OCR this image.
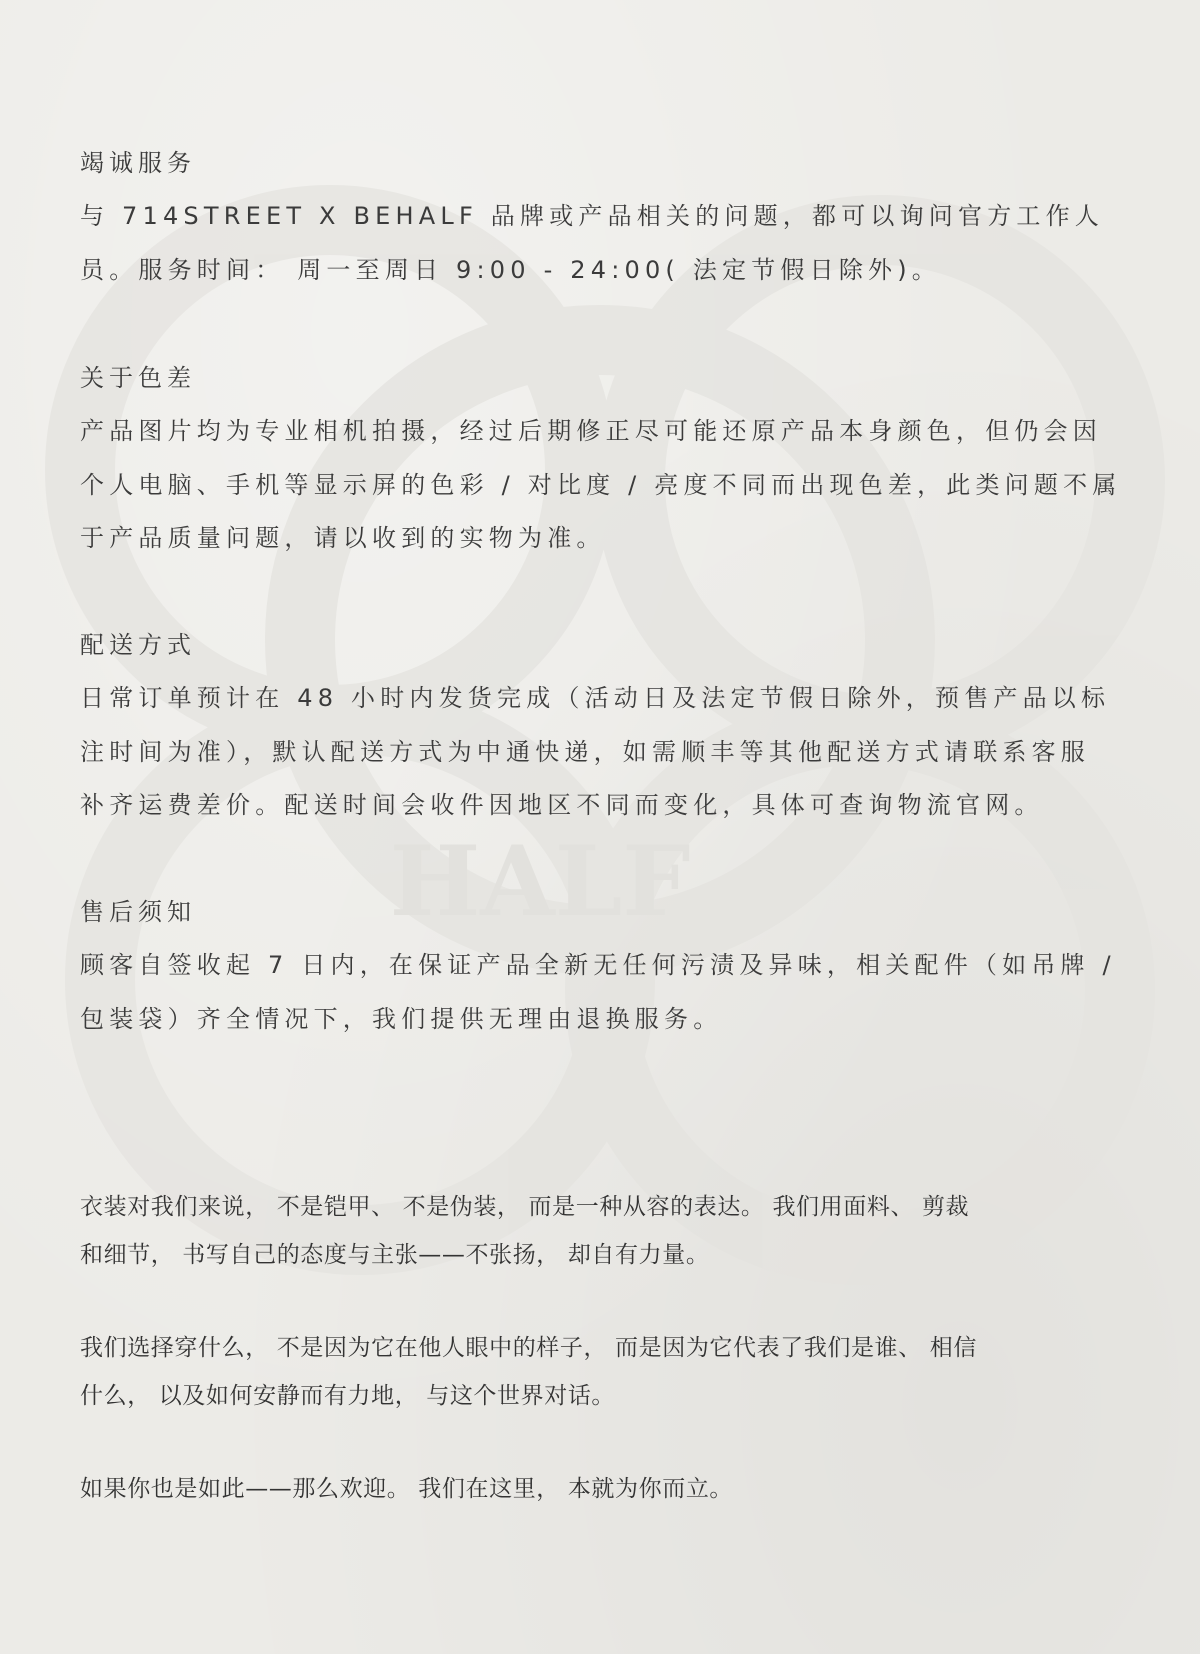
HALF
竭诚服务
与 714STREET X BEHALF 品牌或产品相关的问题，都可以询问官方工作人
员。服务时间： 周一至周日 9:00 - 24:00( 法定节假日除外)。
关于色差
产品图片均为专业相机拍摄，经过后期修正尽可能还原产品本身颜色，但仍会因
个人电脑、手机等显示屏的色彩 / 对比度 / 亮度不同而出现色差，此类问题不属
于产品质量问题，请以收到的实物为准。
配送方式
日常订单预计在 48 小时内发货完成（活动日及法定节假日除外，预售产品以标
注时间为准），默认配送方式为中通快递，如需顺丰等其他配送方式请联系客服
补齐运费差价。配送时间会收件因地区不同而变化，具体可查询物流官网。
售后须知
顾客自签收起 7 日内，在保证产品全新无任何污渍及异味，相关配件（如吊牌 /
包装袋）齐全情况下，我们提供无理由退换服务。
衣装对我们来说， 不是铠甲、 不是伪装， 而是一种从容的表达。 我们用面料、 剪裁
和细节， 书写自己的态度与主张——不张扬， 却自有力量。
我们选择穿什么， 不是因为它在他人眼中的样子， 而是因为它代表了我们是谁、 相信
什么， 以及如何安静而有力地， 与这个世界对话。
如果你也是如此——那么欢迎。 我们在这里， 本就为你而立。
